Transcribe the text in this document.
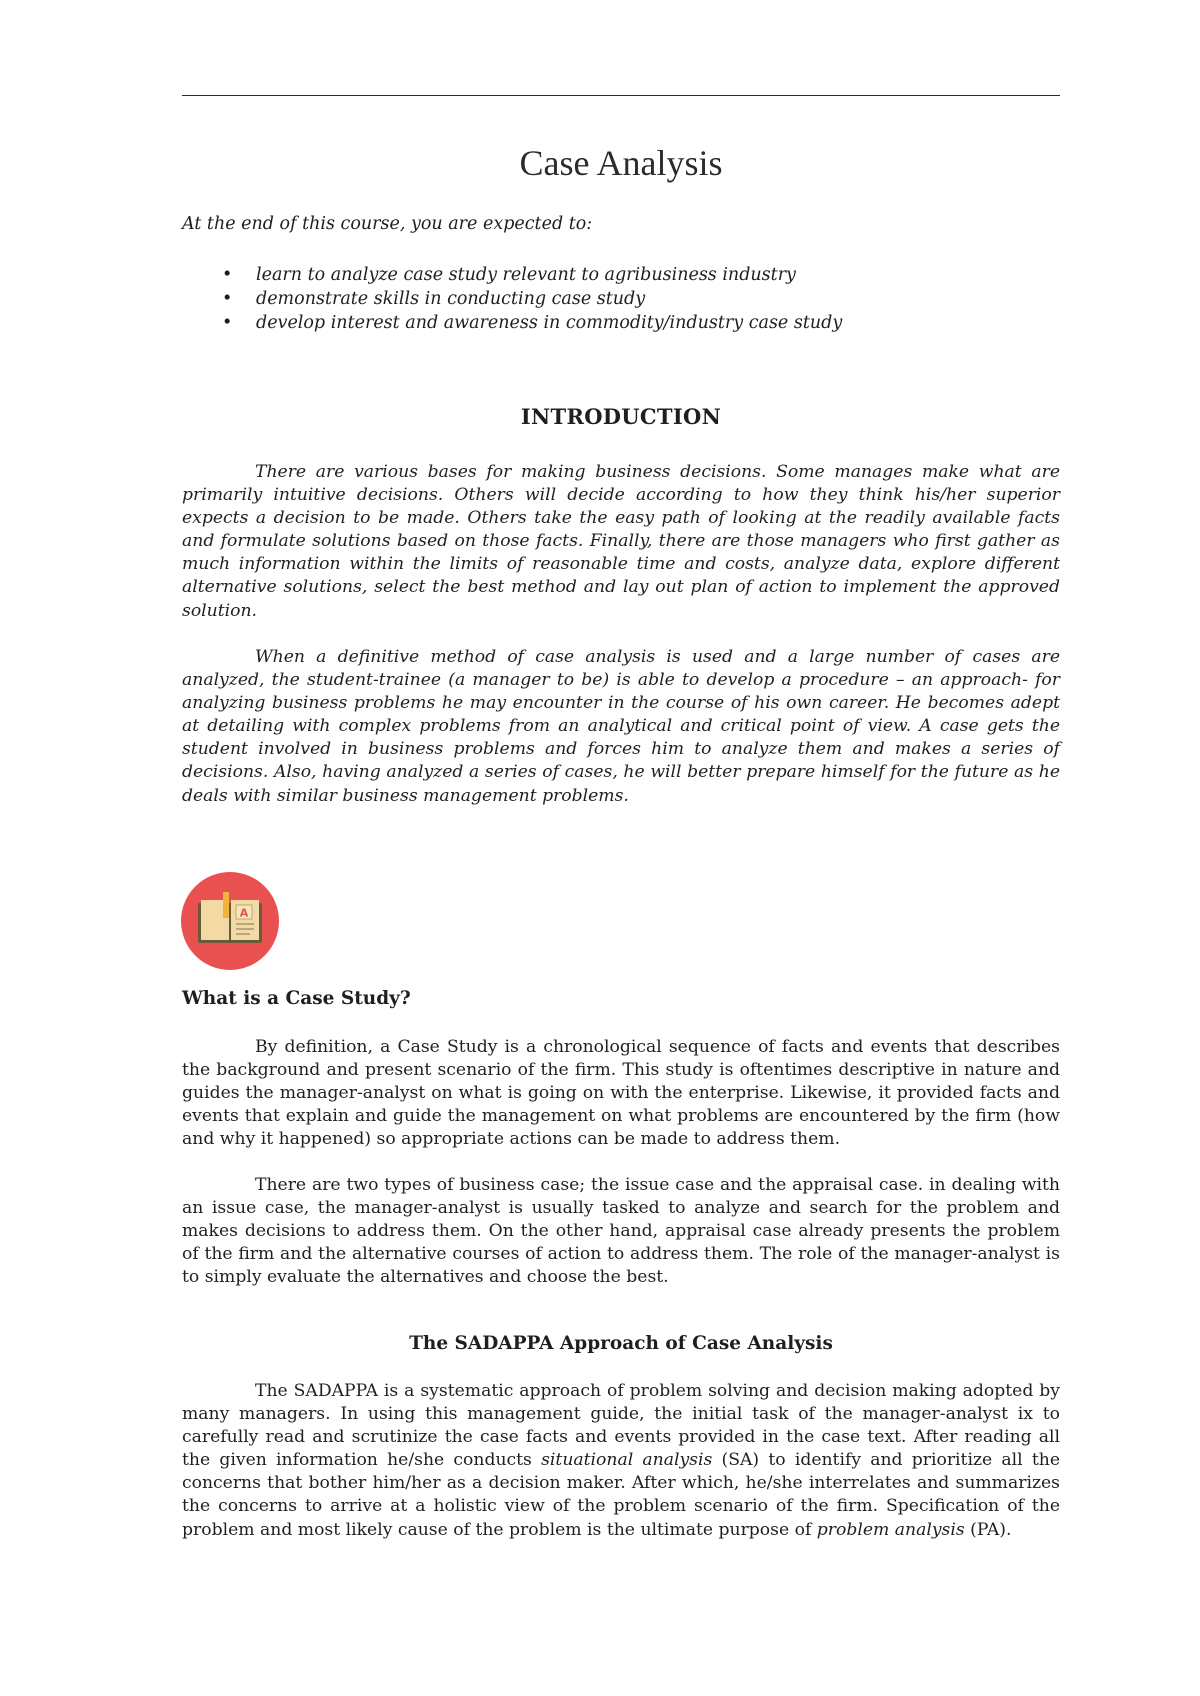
Case Analysis

At the end of this course, you are expected to:

• learn to analyze case study relevant to agribusiness industry
• demonstrate skills in conducting case study
• develop interest and awareness in commodity/industry case study
INTRODUCTION

There are various bases for making business decisions. Some manages make what are primarily intuitive decisions. Others will decide according to how they think his/her superior expects a decision to be made. Others take the easy path of looking at the readily available facts and formulate solutions based on those facts. Finally, there are those managers who first gather as much information within the limits of reasonable time and costs, analyze data, explore different alternative solutions, select the best method and lay out plan of action to implement the approved solution.

When a definitive method of case analysis is used and a large number of cases are analyzed, the student-trainee (a manager to be) is able to develop a procedure – an approach- for analyzing business problems he may encounter in the course of his own career. He becomes adept at detailing with complex problems from an analytical and critical point of view. A case gets the student involved in business problems and forces him to analyze them and makes a series of decisions. Also, having analyzed a series of cases, he will better prepare himself for the future as he deals with similar business management problems.

A
What is a Case Study?

By definition, a Case Study is a chronological sequence of facts and events that describes the background and present scenario of the firm. This study is oftentimes descriptive in nature and guides the manager-analyst on what is going on with the enterprise. Likewise, it provided facts and events that explain and guide the management on what problems are encountered by the firm (how and why it happened) so appropriate actions can be made to address them.

There are two types of business case; the issue case and the appraisal case. in dealing with an issue case, the manager-analyst is usually tasked to analyze and search for the problem and makes decisions to address them. On the other hand, appraisal case already presents the problem of the firm and the alternative courses of action to address them. The role of the manager-analyst is to simply evaluate the alternatives and choose the best.

The SADAPPA Approach of Case Analysis

The SADAPPA is a systematic approach of problem solving and decision making adopted by many managers. In using this management guide, the initial task of the manager-analyst ix to carefully read and scrutinize the case facts and events provided in the case text. After reading all the given information he/she conducts situational analysis (SA) to identify and prioritize all the concerns that bother him/her as a decision maker. After which, he/she interrelates and summarizes the concerns to arrive at a holistic view of the problem scenario of the firm. Specification of the problem and most likely cause of the problem is the ultimate purpose of problem analysis (PA).
